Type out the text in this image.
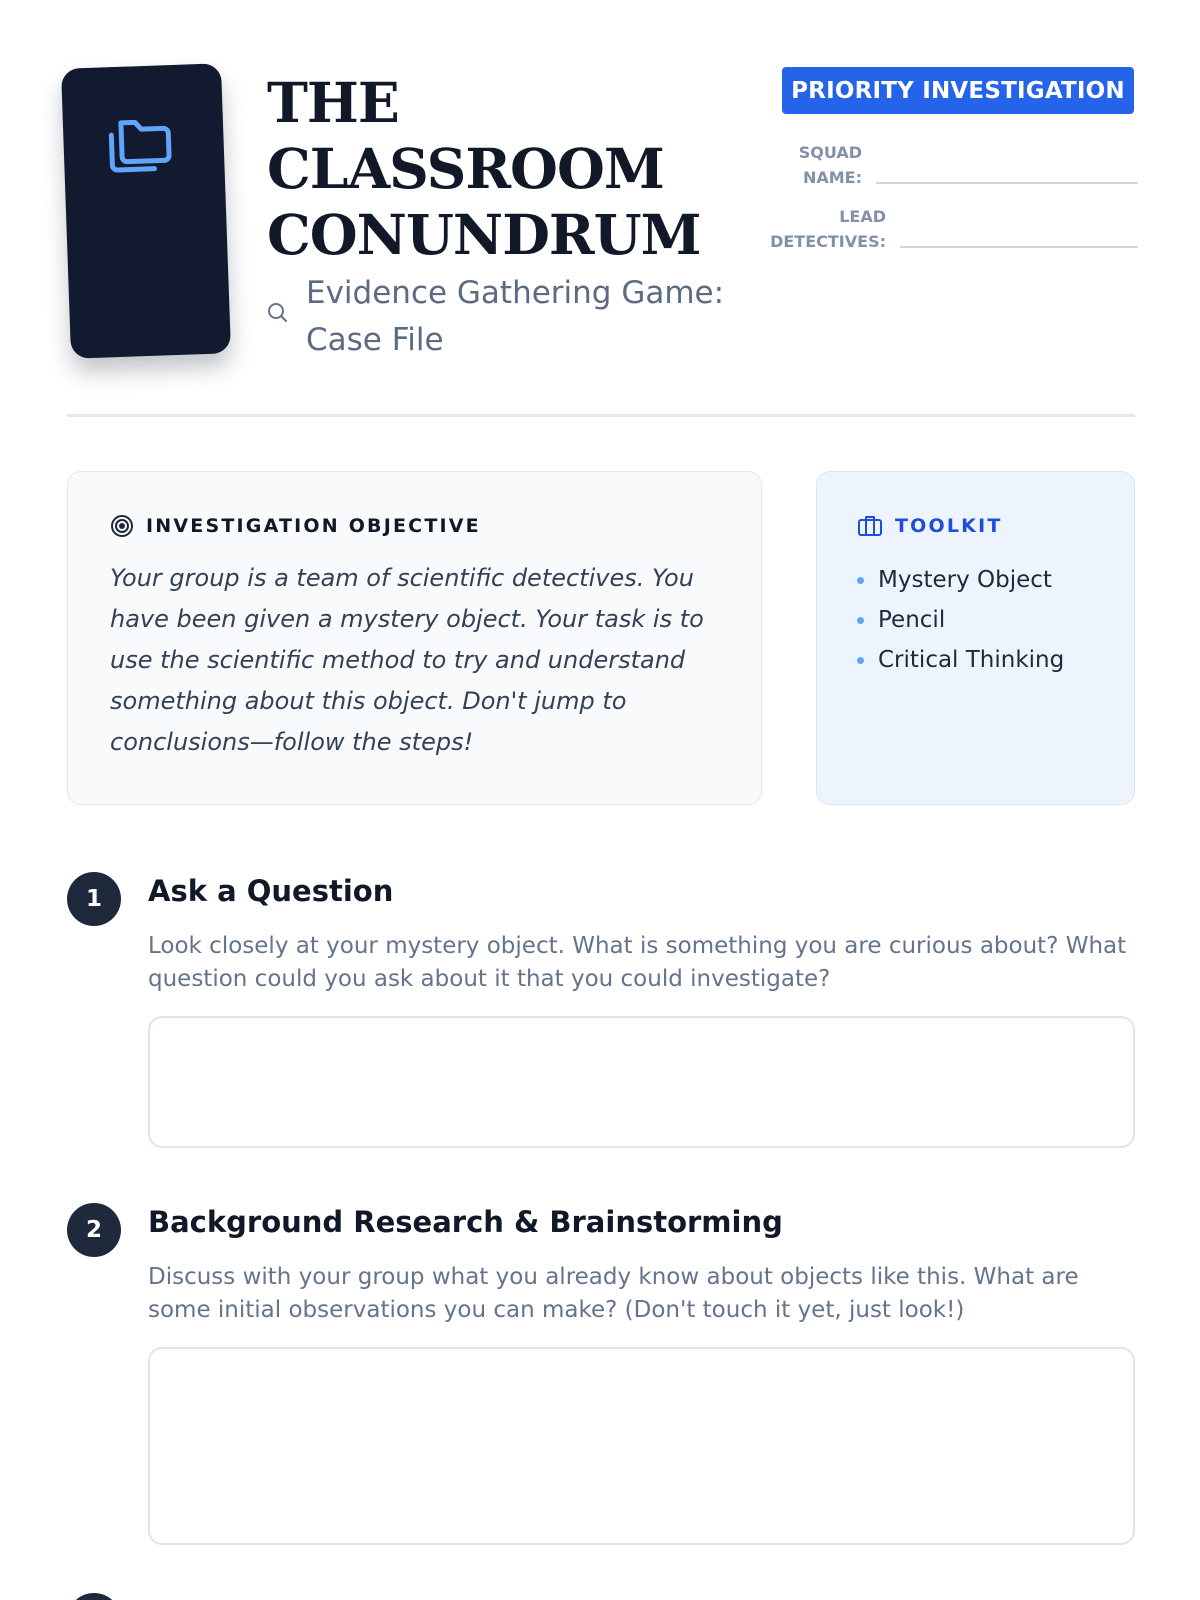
THE
CLASSROOM
CONUNDRUM
Evidence Gathering Game: Case File
PRIORITY INVESTIGATION
SQUAD NAME:
LEAD DETECTIVES:
INVESTIGATION OBJECTIVE

Your group is a team of scientific detectives. You have been given a mystery object. Your task is to use the scientific method to try and understand something about this object. Don't jump to conclusions—follow the steps!

TOOLKIT
Mystery Object
Pencil
Critical Thinking
1	Ask a Question
Look closely at your mystery object. What is something you are curious about? What question could you ask about it that you could investigate?
2	Background Research & Brainstorming
Discuss with your group what you already know about objects like this. What are some initial observations you can make? (Don't touch it yet, just look!)
